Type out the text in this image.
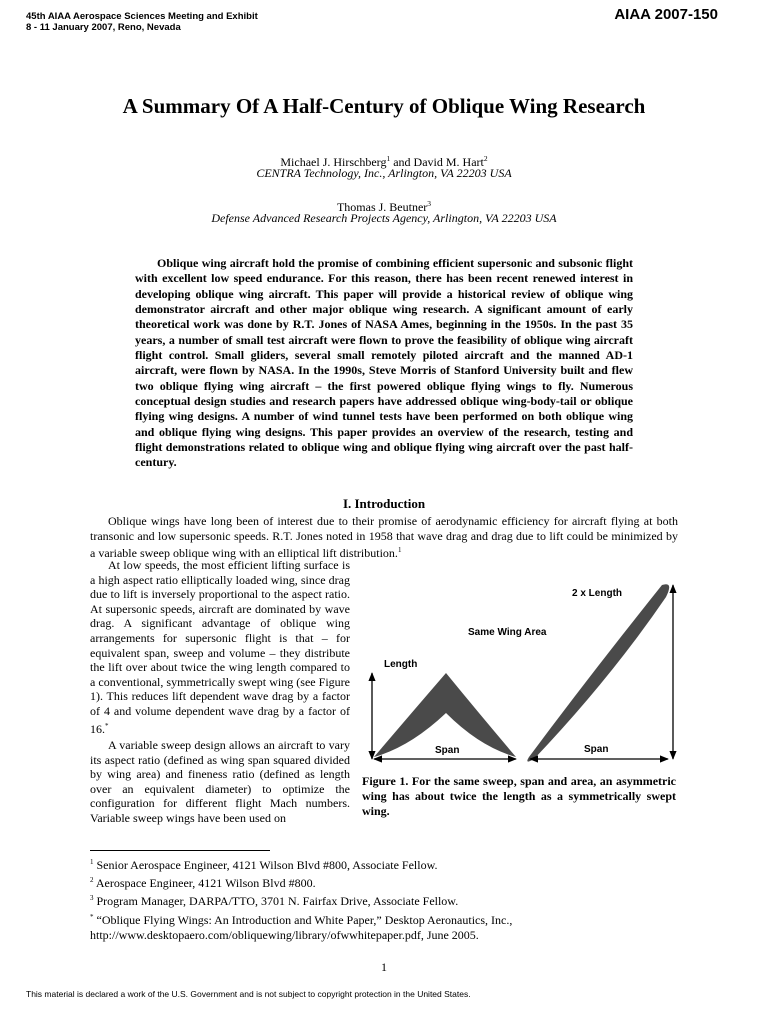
45th AIAA Aerospace Sciences Meeting and Exhibit
8 - 11 January 2007, Reno, Nevada
AIAA 2007-150
A Summary Of A Half-Century of Oblique Wing Research
Michael J. Hirschberg$^1$ and David M. Hart$^2$
CENTRA Technology, Inc., Arlington, VA 22203 USA
Thomas J. Beutner$^3$
Defense Advanced Research Projects Agency, Arlington, VA 22203 USA

Oblique wing aircraft hold the promise of combining efficient supersonic and subsonic flight with excellent low speed endurance. For this reason, there has been recent renewed interest in developing oblique wing aircraft. This paper will provide a historical review of oblique wing demonstrator aircraft and other major oblique wing research. A significant amount of early theoretical work was done by R.T. Jones of NASA Ames, beginning in the 1950s. In the past 35 years, a number of small test aircraft were flown to prove the feasibility of oblique wing aircraft flight control. Small gliders, several small remotely piloted aircraft and the manned AD-1 aircraft, were flown by NASA. In the 1990s, Steve Morris of Stanford University built and flew two oblique flying wing aircraft – the first powered oblique flying wings to fly. Numerous conceptual design studies and research papers have addressed oblique wing-body-tail or oblique flying wing designs. A number of wind tunnel tests have been performed on both oblique wing and oblique flying wing designs. This paper provides an overview of the research, testing and flight demonstrations related to oblique wing and oblique flying wing aircraft over the past half-century.

I. Introduction

Oblique wings have long been of interest due to their promise of aerodynamic efficiency for aircraft flying at both transonic and low supersonic speeds. R.T. Jones noted in 1958 that wave drag and drag due to lift could be minimized by a variable sweep oblique wing with an elliptical lift distribution.$^1$

At low speeds, the most efficient lifting surface is a high aspect ratio elliptically loaded wing, since drag due to lift is inversely proportional to the aspect ratio. At supersonic speeds, aircraft are dominated by wave drag. A significant advantage of oblique wing arrangements for supersonic flight is that – for equivalent span, sweep and volume – they distribute the lift over about twice the wing length compared to a conventional, symmetrically swept wing (see Figure 1). This reduces lift dependent wave drag by a factor of 4 and volume dependent wave drag by a factor of 16.*

A variable sweep design allows an aircraft to vary its aspect ratio (defined as wing span squared divided by wing area) and fineness ratio (defined as length over an equivalent diameter) to optimize the configuration for different flight Mach numbers. Variable sweep wings have been used on

Length
Same Wing Area
2 x Length
Span	Span

Figure 1. For the same sweep, span and area, an asymmetric wing has about twice the length as a symmetrically swept wing.

$^1$ Senior Aerospace Engineer, 4121 Wilson Blvd #800, Associate Fellow.
$^2$ Aerospace Engineer, 4121 Wilson Blvd #800.
$^3$ Program Manager, DARPA/TTO, 3701 N. Fairfax Drive, Associate Fellow.
* “Oblique Flying Wings: An Introduction and White Paper,” Desktop Aeronautics, Inc., http://www.desktopaero.com/obliquewing/library/ofwwhitepaper.pdf, June 2005.
1
This material is declared a work of the U.S. Government and is not subject to copyright protection in the United States.
